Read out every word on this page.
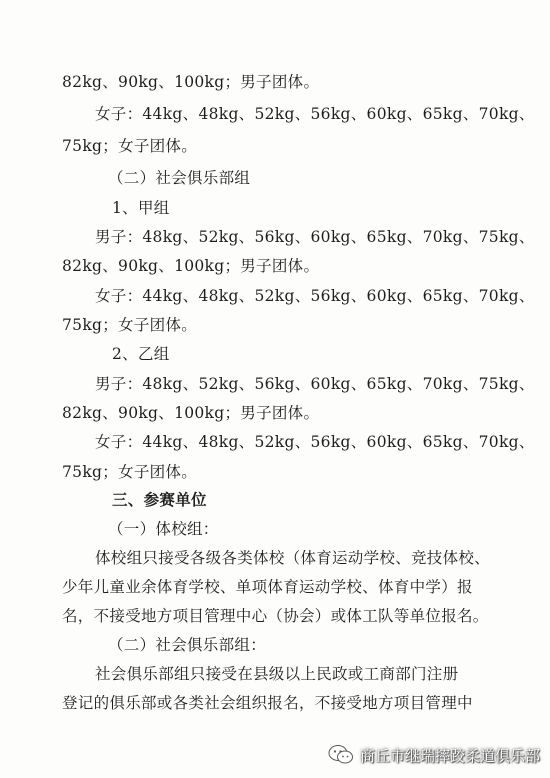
82kg、90kg、100kg；男子团体。
女子：44kg、48kg、52kg、56kg、60kg、65kg、70kg、
75kg；女子团体。
（二）社会俱乐部组
1、甲组
男子：48kg、52kg、56kg、60kg、65kg、70kg、75kg、
82kg、90kg、100kg；男子团体。
女子：44kg、48kg、52kg、56kg、60kg、65kg、70kg、
75kg；女子团体。
2、乙组
男子：48kg、52kg、56kg、60kg、65kg、70kg、75kg、
82kg、90kg、100kg；男子团体。
女子：44kg、48kg、52kg、56kg、60kg、65kg、70kg、
75kg；女子团体。
三、参赛单位
（一）体校组：
体校组只接受各级各类体校（体育运动学校、竞技体校、
少年儿童业余体育学校、单项体育运动学校、体育中学）报
名，不接受地方项目管理中心（协会）或体工队等单位报名。
（二）社会俱乐部组：
社会俱乐部组只接受在县级以上民政或工商部门注册
登记的俱乐部或各类社会组织报名，不接受地方项目管理中
商丘市继瑞摔跤柔道俱乐部
